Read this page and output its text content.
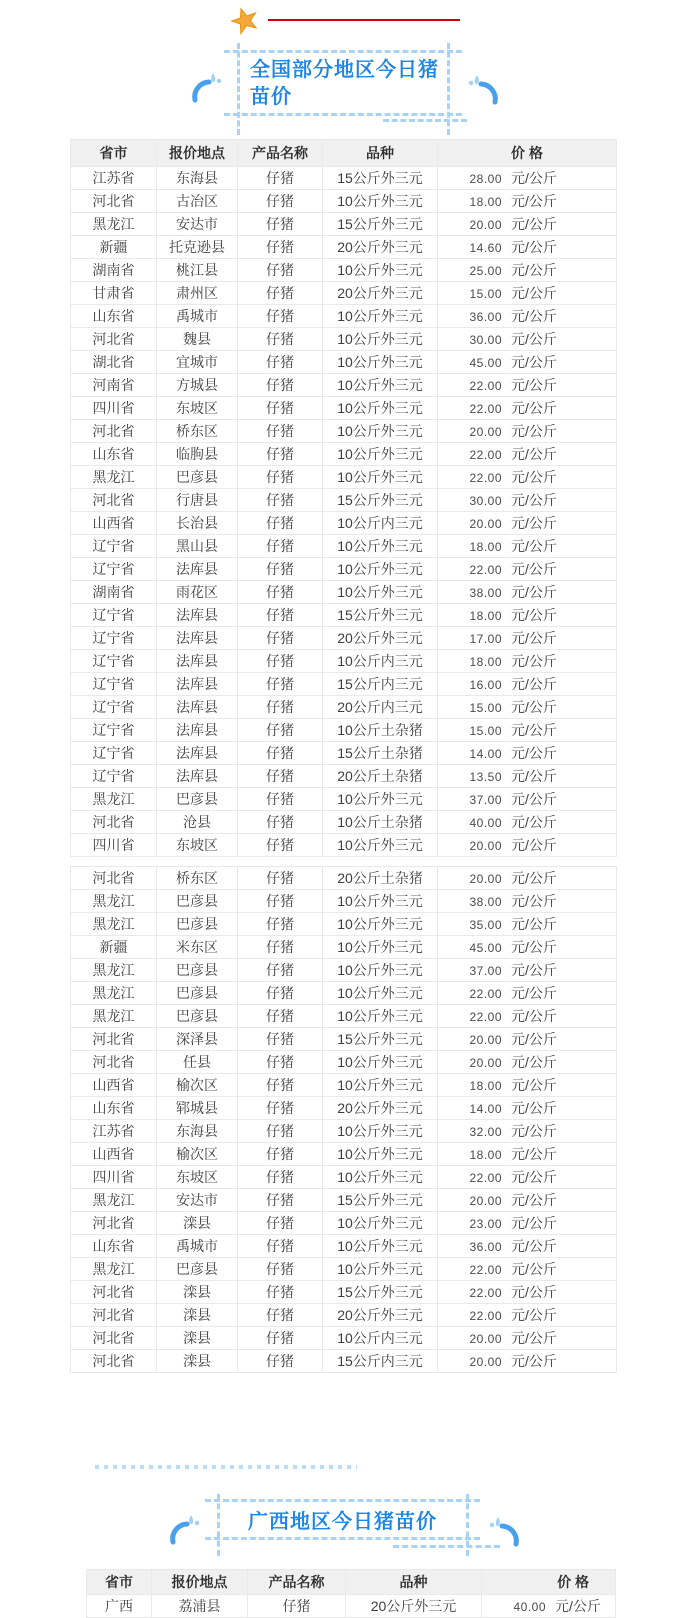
全国部分地区今日猪苗价
省市	报价地点	产品名称	品种	价 格
江苏省	东海县	仔猪	15公斤外三元	28.00 元/公斤
河北省	古冶区	仔猪	10公斤外三元	18.00 元/公斤
黑龙江	安达市	仔猪	15公斤外三元	20.00 元/公斤
新疆	托克逊县	仔猪	20公斤外三元	14.60 元/公斤
湖南省	桃江县	仔猪	10公斤外三元	25.00 元/公斤
甘肃省	肃州区	仔猪	20公斤外三元	15.00 元/公斤
山东省	禹城市	仔猪	10公斤外三元	36.00 元/公斤
河北省	魏县	仔猪	10公斤外三元	30.00 元/公斤
湖北省	宜城市	仔猪	10公斤外三元	45.00 元/公斤
河南省	方城县	仔猪	10公斤外三元	22.00 元/公斤
四川省	东坡区	仔猪	10公斤外三元	22.00 元/公斤
河北省	桥东区	仔猪	10公斤外三元	20.00 元/公斤
山东省	临朐县	仔猪	10公斤外三元	22.00 元/公斤
黑龙江	巴彦县	仔猪	10公斤外三元	22.00 元/公斤
河北省	行唐县	仔猪	15公斤外三元	30.00 元/公斤
山西省	长治县	仔猪	10公斤内三元	20.00 元/公斤
辽宁省	黑山县	仔猪	10公斤外三元	18.00 元/公斤
辽宁省	法库县	仔猪	10公斤外三元	22.00 元/公斤
湖南省	雨花区	仔猪	10公斤外三元	38.00 元/公斤
辽宁省	法库县	仔猪	15公斤外三元	18.00 元/公斤
辽宁省	法库县	仔猪	20公斤外三元	17.00 元/公斤
辽宁省	法库县	仔猪	10公斤内三元	18.00 元/公斤
辽宁省	法库县	仔猪	15公斤内三元	16.00 元/公斤
辽宁省	法库县	仔猪	20公斤内三元	15.00 元/公斤
辽宁省	法库县	仔猪	10公斤土杂猪	15.00 元/公斤
辽宁省	法库县	仔猪	15公斤土杂猪	14.00 元/公斤
辽宁省	法库县	仔猪	20公斤土杂猪	13.50 元/公斤
黑龙江	巴彦县	仔猪	10公斤外三元	37.00 元/公斤
河北省	沧县	仔猪	10公斤土杂猪	40.00 元/公斤
四川省	东坡区	仔猪	10公斤外三元	20.00 元/公斤
河北省	桥东区	仔猪	20公斤土杂猪	20.00 元/公斤
黑龙江	巴彦县	仔猪	10公斤外三元	38.00 元/公斤
黑龙江	巴彦县	仔猪	10公斤外三元	35.00 元/公斤
新疆	米东区	仔猪	10公斤外三元	45.00 元/公斤
黑龙江	巴彦县	仔猪	10公斤外三元	37.00 元/公斤
黑龙江	巴彦县	仔猪	10公斤外三元	22.00 元/公斤
黑龙江	巴彦县	仔猪	10公斤外三元	22.00 元/公斤
河北省	深泽县	仔猪	15公斤外三元	20.00 元/公斤
河北省	任县	仔猪	10公斤外三元	20.00 元/公斤
山西省	榆次区	仔猪	10公斤外三元	18.00 元/公斤
山东省	郓城县	仔猪	20公斤外三元	14.00 元/公斤
江苏省	东海县	仔猪	10公斤外三元	32.00 元/公斤
山西省	榆次区	仔猪	10公斤外三元	18.00 元/公斤
四川省	东坡区	仔猪	10公斤外三元	22.00 元/公斤
黑龙江	安达市	仔猪	15公斤外三元	20.00 元/公斤
河北省	滦县	仔猪	10公斤外三元	23.00 元/公斤
山东省	禹城市	仔猪	10公斤外三元	36.00 元/公斤
黑龙江	巴彦县	仔猪	10公斤外三元	22.00 元/公斤
河北省	滦县	仔猪	15公斤外三元	22.00 元/公斤
河北省	滦县	仔猪	20公斤外三元	22.00 元/公斤
河北省	滦县	仔猪	10公斤内三元	20.00 元/公斤
河北省	滦县	仔猪	15公斤内三元	20.00 元/公斤
广西地区今日猪苗价
省市	报价地点	产品名称	品种	价 格
广西	荔浦县	仔猪	20公斤外三元	40.00 元/公斤
